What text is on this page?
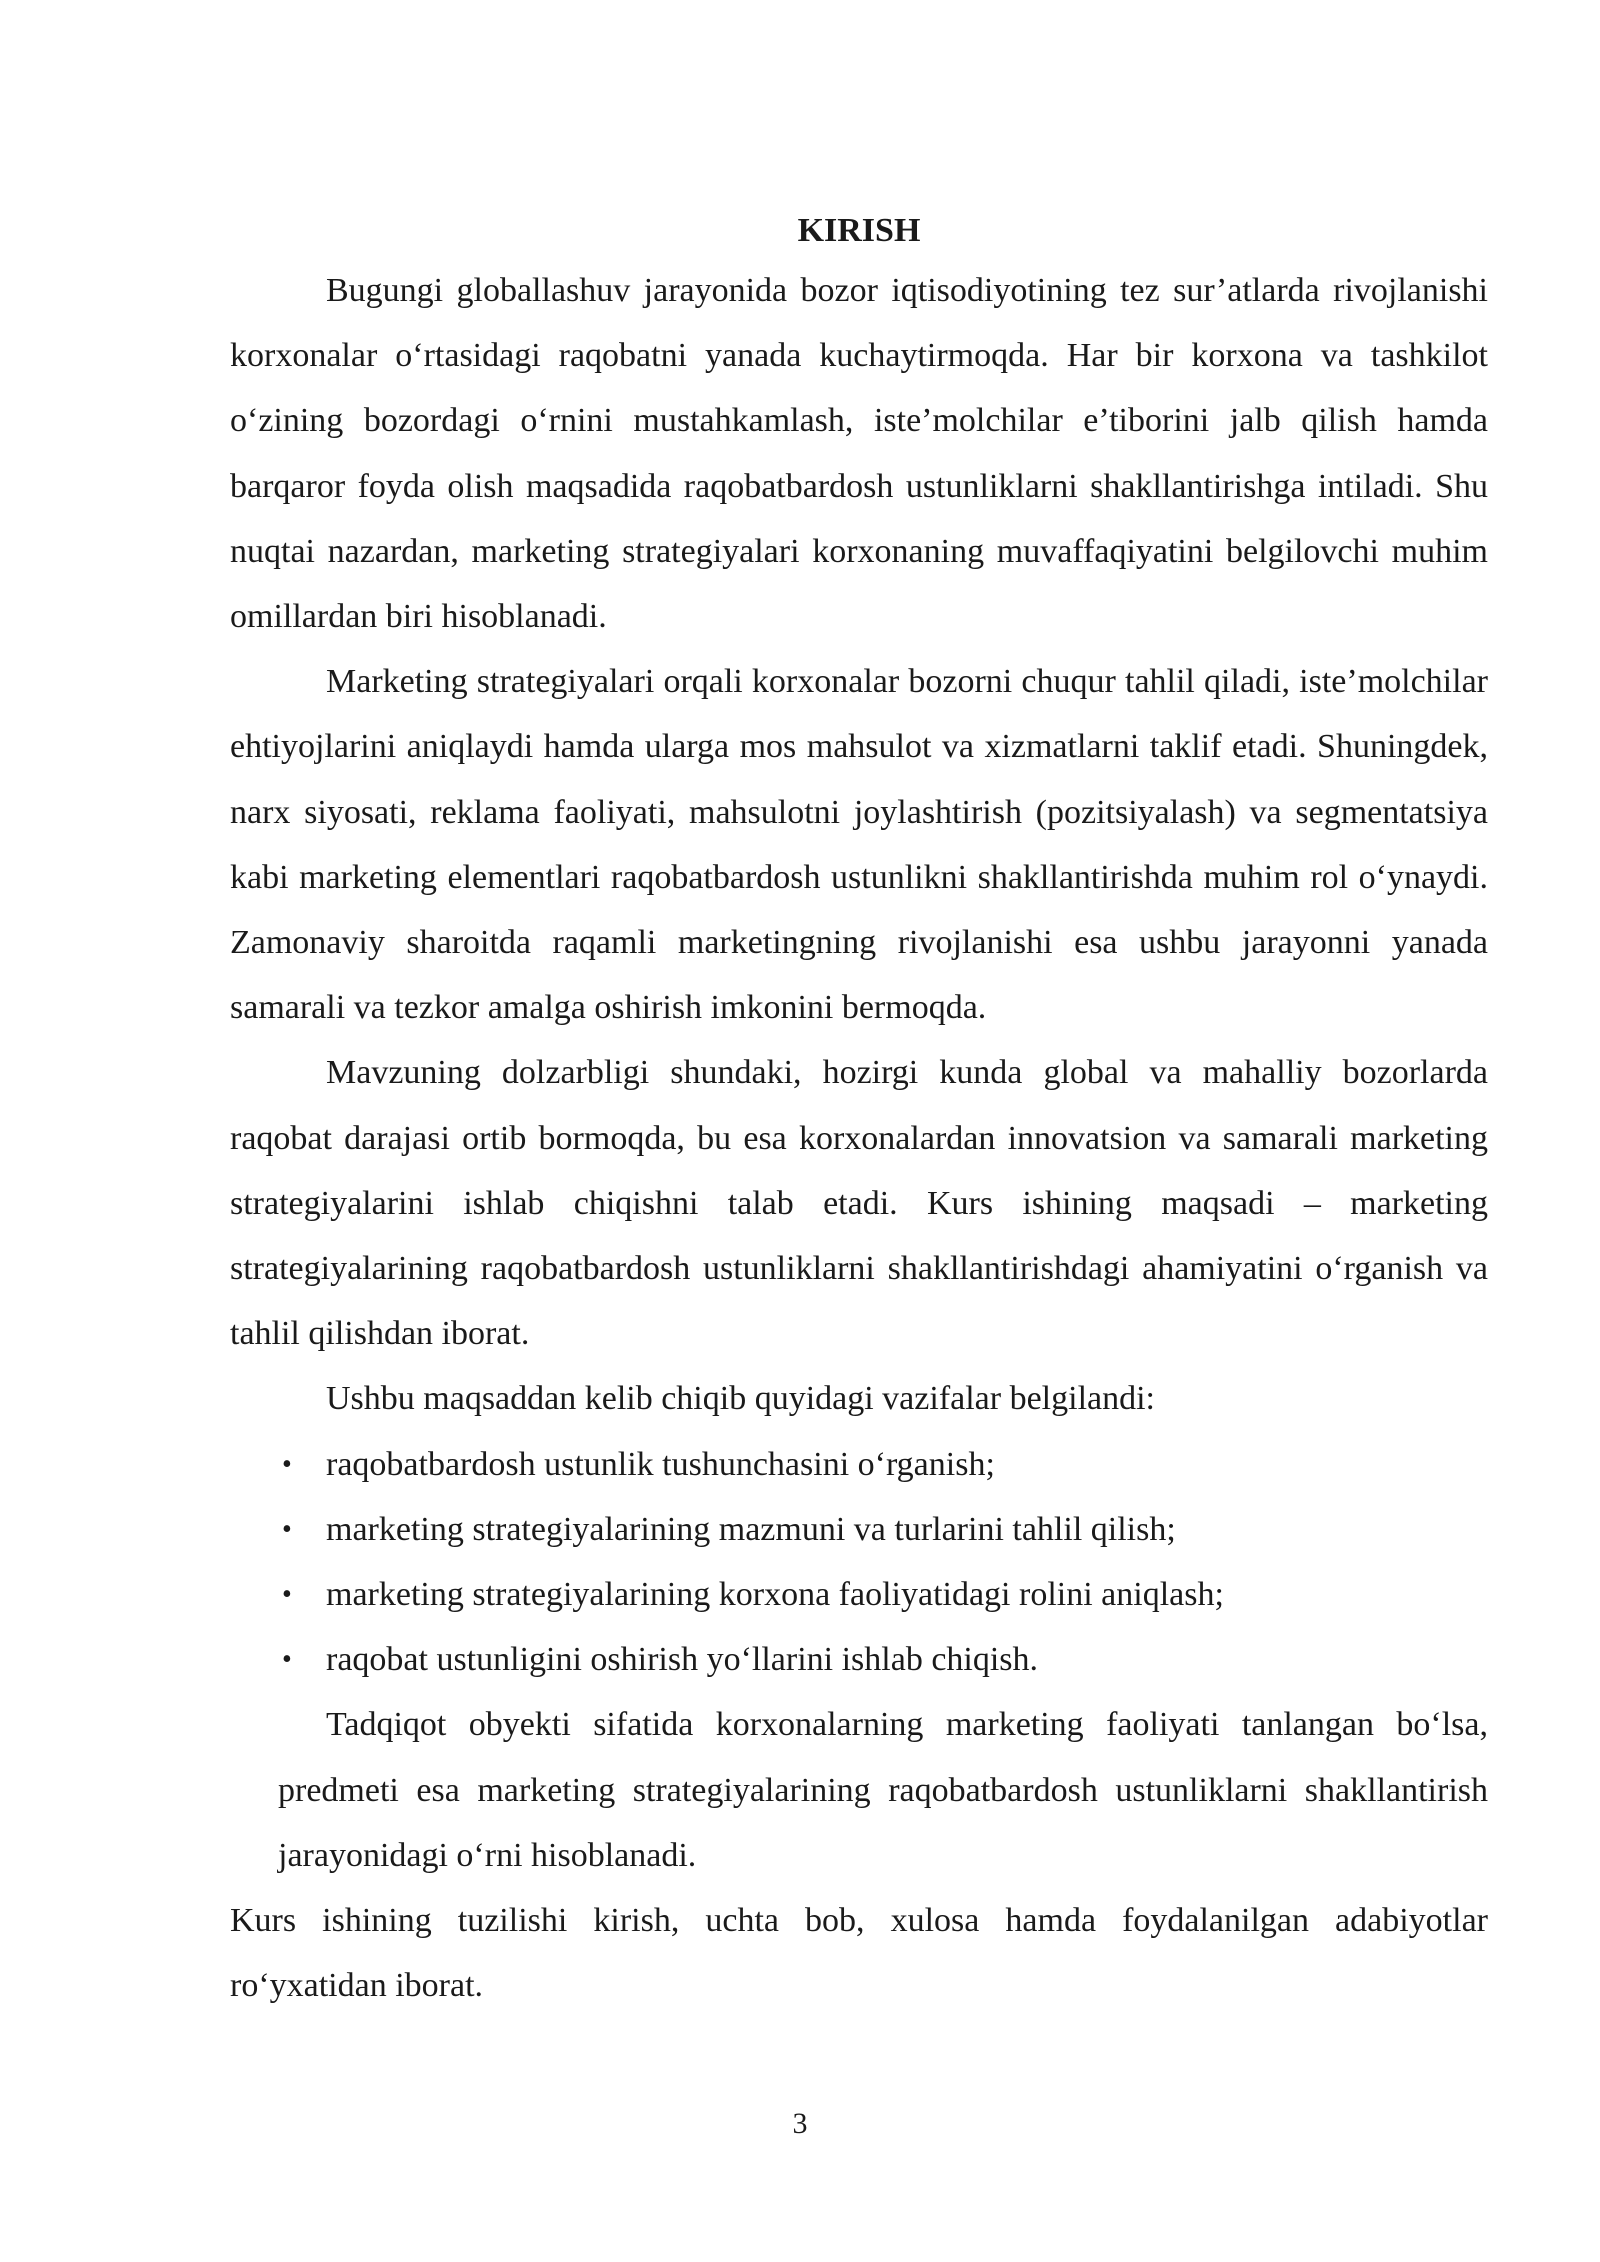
KIRISH

Bugungi globallashuv jarayonida bozor iqtisodiyotining tez sur’atlarda rivojlanishi korxonalar o‘rtasidagi raqobatni yanada kuchaytirmoqda. Har bir korxona va tashkilot o‘zining bozordagi o‘rnini mustahkamlash, iste’molchilar e’tiborini jalb qilish hamda barqaror foyda olish maqsadida raqobatbardosh ustunliklarni shakllantirishga intiladi. Shu nuqtai nazardan, marketing strategiyalari korxonaning muvaffaqiyatini belgilovchi muhim omillardan biri hisoblanadi.

Marketing strategiyalari orqali korxonalar bozorni chuqur tahlil qiladi, iste’molchilar ehtiyojlarini aniqlaydi hamda ularga mos mahsulot va xizmatlarni taklif etadi. Shuningdek, narx siyosati, reklama faoliyati, mahsulotni joylashtirish (pozitsiyalash) va segmentatsiya kabi marketing elementlari raqobatbardosh ustunlikni shakllantirishda muhim rol o‘ynaydi. Zamonaviy sharoitda raqamli marketingning rivojlanishi esa ushbu jarayonni yanada samarali va tezkor amalga oshirish imkonini bermoqda.

Mavzuning dolzarbligi shundaki, hozirgi kunda global va mahalliy bozorlarda raqobat darajasi ortib bormoqda, bu esa korxonalardan innovatsion va samarali marketing strategiyalarini ishlab chiqishni talab etadi. Kurs ishining maqsadi – marketing strategiyalarining raqobatbardosh ustunliklarni shakllantirishdagi ahamiyatini o‘rganish va tahlil qilishdan iborat.

Ushbu maqsaddan kelib chiqib quyidagi vazifalar belgilandi:

• raqobatbardosh ustunlik tushunchasini o‘rganish;
• marketing strategiyalarining mazmuni va turlarini tahlil qilish;
• marketing strategiyalarining korxona faoliyatidagi rolini aniqlash;
• raqobat ustunligini oshirish yo‘llarini ishlab chiqish.

Tadqiqot obyekti sifatida korxonalarning marketing faoliyati tanlangan bo‘lsa, predmeti esa marketing strategiyalarining raqobatbardosh ustunliklarni shakllantirish jarayonidagi o‘rni hisoblanadi.

Kurs ishining tuzilishi kirish, uchta bob, xulosa hamda foydalanilgan adabiyotlar ro‘yxatidan iborat.

3
